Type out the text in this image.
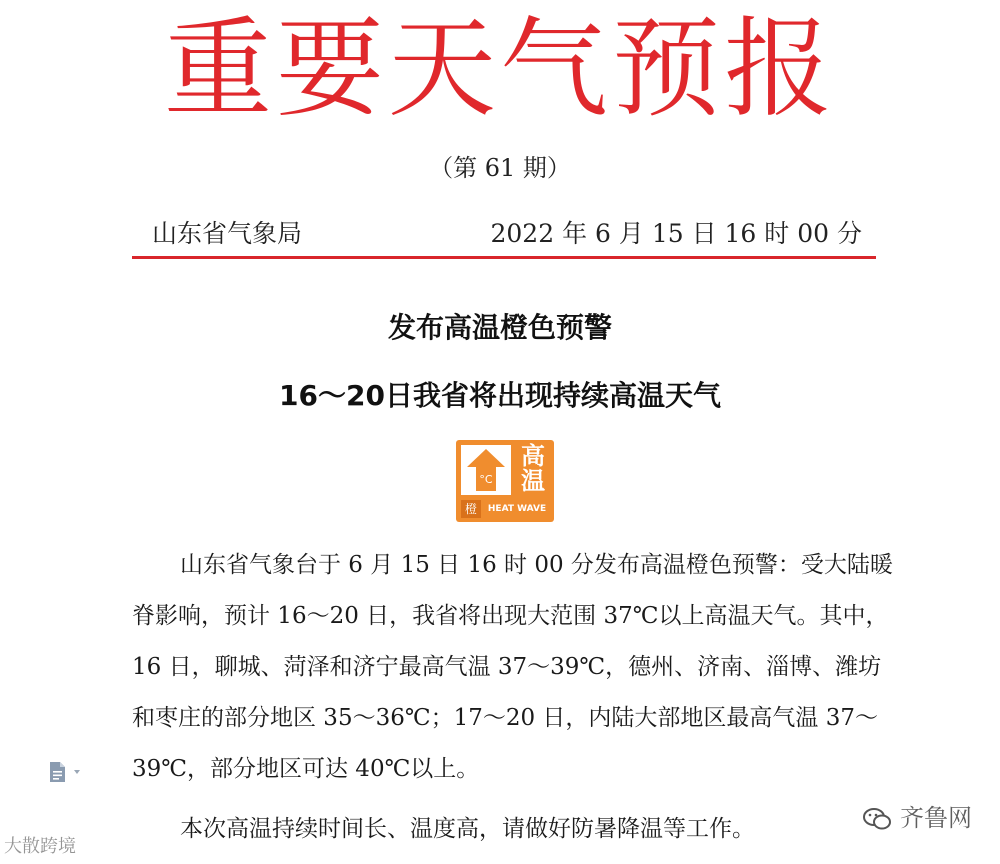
重要天气预报
（第 61 期）
山东省气象局	2022 年 6 月 15 日 16 时 00 分
发布高温橙色预警
16～20日我省将出现持续高温天气
°C
高
温
橙	HEAT WAVE
山东省气象台于 6 月 15 日 16 时 00 分发布高温橙色预警：受大陆暖
脊影响，预计 16～20 日，我省将出现大范围 37℃以上高温天气。其中，
16 日，聊城、菏泽和济宁最高气温 37～39℃，德州、济南、淄博、潍坊
和枣庄的部分地区 35～36℃；17～20 日，内陆大部地区最高气温 37～
39℃，部分地区可达 40℃以上。
本次高温持续时间长、温度高，请做好防暑降温等工作。
大散跨境
齐鲁网
